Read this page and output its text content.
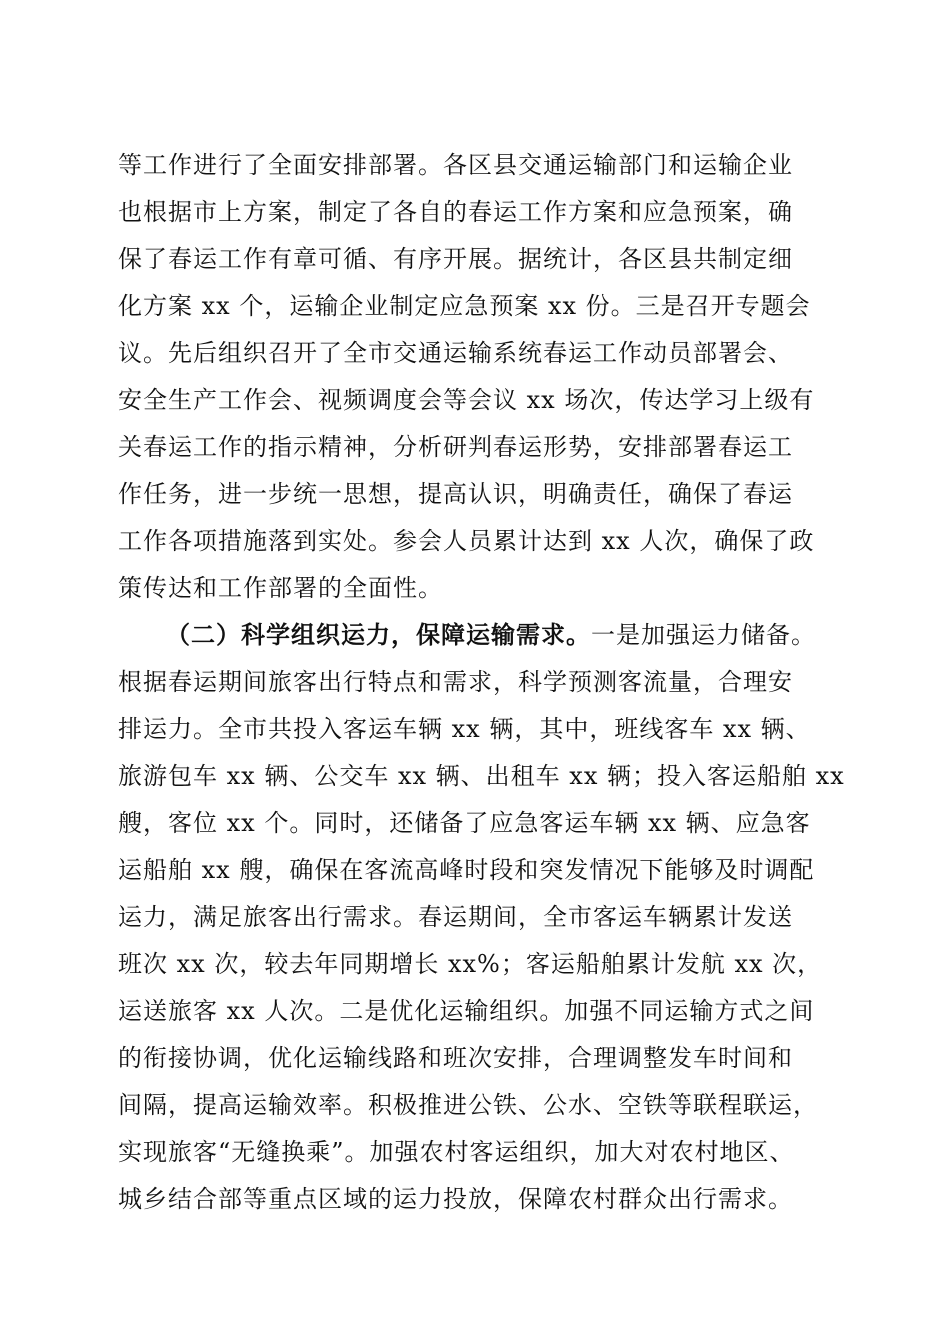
等工作进行了全面安排部署。各区县交通运输部门和运输企业
也根据市上方案，制定了各自的春运工作方案和应急预案，确
保了春运工作有章可循、有序开展。据统计，各区县共制定细
化方案 xx 个，运输企业制定应急预案 xx 份。三是召开专题会
议。先后组织召开了全市交通运输系统春运工作动员部署会、
安全生产工作会、视频调度会等会议 xx 场次，传达学习上级有
关春运工作的指示精神，分析研判春运形势，安排部署春运工
作任务，进一步统一思想，提高认识，明确责任，确保了春运
工作各项措施落到实处。参会人员累计达到 xx 人次，确保了政
策传达和工作部署的全面性。
（二）科学组织运力，保障运输需求。一是加强运力储备。
根据春运期间旅客出行特点和需求，科学预测客流量，合理安
排运力。全市共投入客运车辆 xx 辆，其中，班线客车 xx 辆、
旅游包车 xx 辆、公交车 xx 辆、出租车 xx 辆；投入客运船舶 xx
艘，客位 xx 个。同时，还储备了应急客运车辆 xx 辆、应急客
运船舶 xx 艘，确保在客流高峰时段和突发情况下能够及时调配
运力，满足旅客出行需求。春运期间，全市客运车辆累计发送
班次 xx 次，较去年同期增长 xx%；客运船舶累计发航 xx 次，
运送旅客 xx 人次。二是优化运输组织。加强不同运输方式之间
的衔接协调，优化运输线路和班次安排，合理调整发车时间和
间隔，提高运输效率。积极推进公铁、公水、空铁等联程联运，
实现旅客“无缝换乘”。加强农村客运组织，加大对农村地区、
城乡结合部等重点区域的运力投放，保障农村群众出行需求。
